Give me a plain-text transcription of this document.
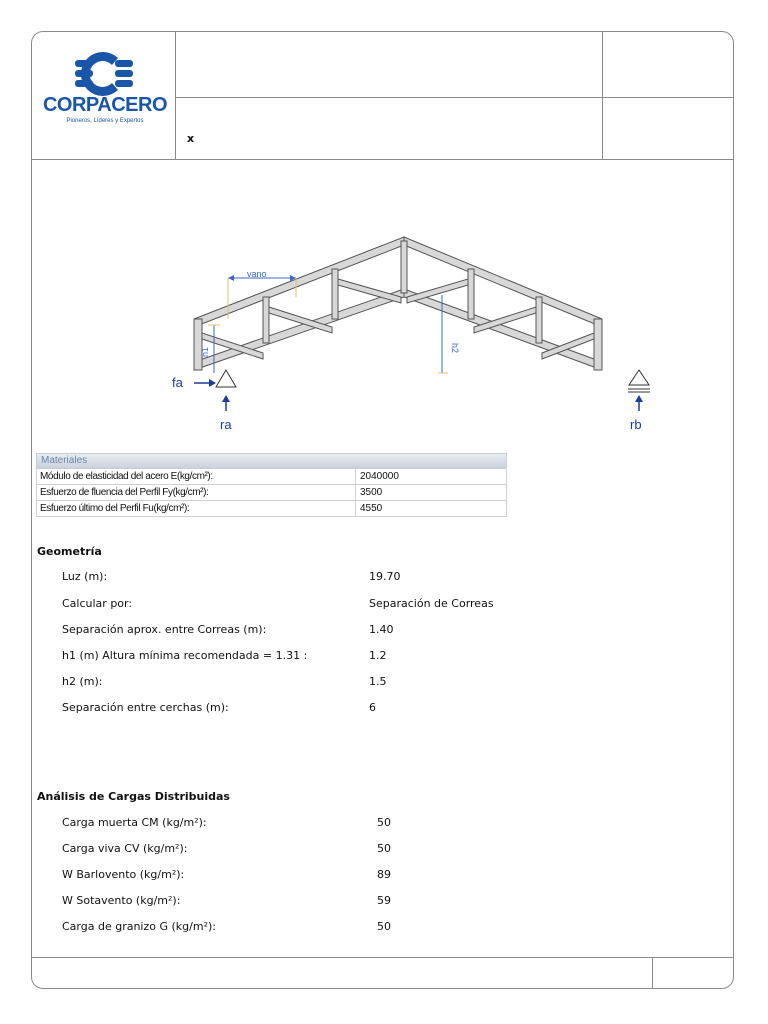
CORPACERO
Pioneros, Líderes y Expertos
x
vano
h1	h2
fa
ra	rb
Materiales
Módulo de elasticidad del acero E(kg/cm²):	2040000
Esfuerzo de fluencia del Perfil Fy(kg/cm²):	3500
Esfuerzo último del Perfil Fu(kg/cm²):	4550
Geometría
Luz (m):	19.70
Calcular por:	Separación de Correas
Separación aprox. entre Correas (m):	1.40
h1 (m) Altura mínima recomendada = 1.31 :	1.2
h2 (m):	1.5
Separación entre cerchas (m):	6
Análisis de Cargas Distribuidas
Carga muerta CM (kg/m²):	50
Carga viva CV (kg/m²):	50
W Barlovento (kg/m²):	89
W Sotavento (kg/m²):	59
Carga de granizo G (kg/m²):	50
